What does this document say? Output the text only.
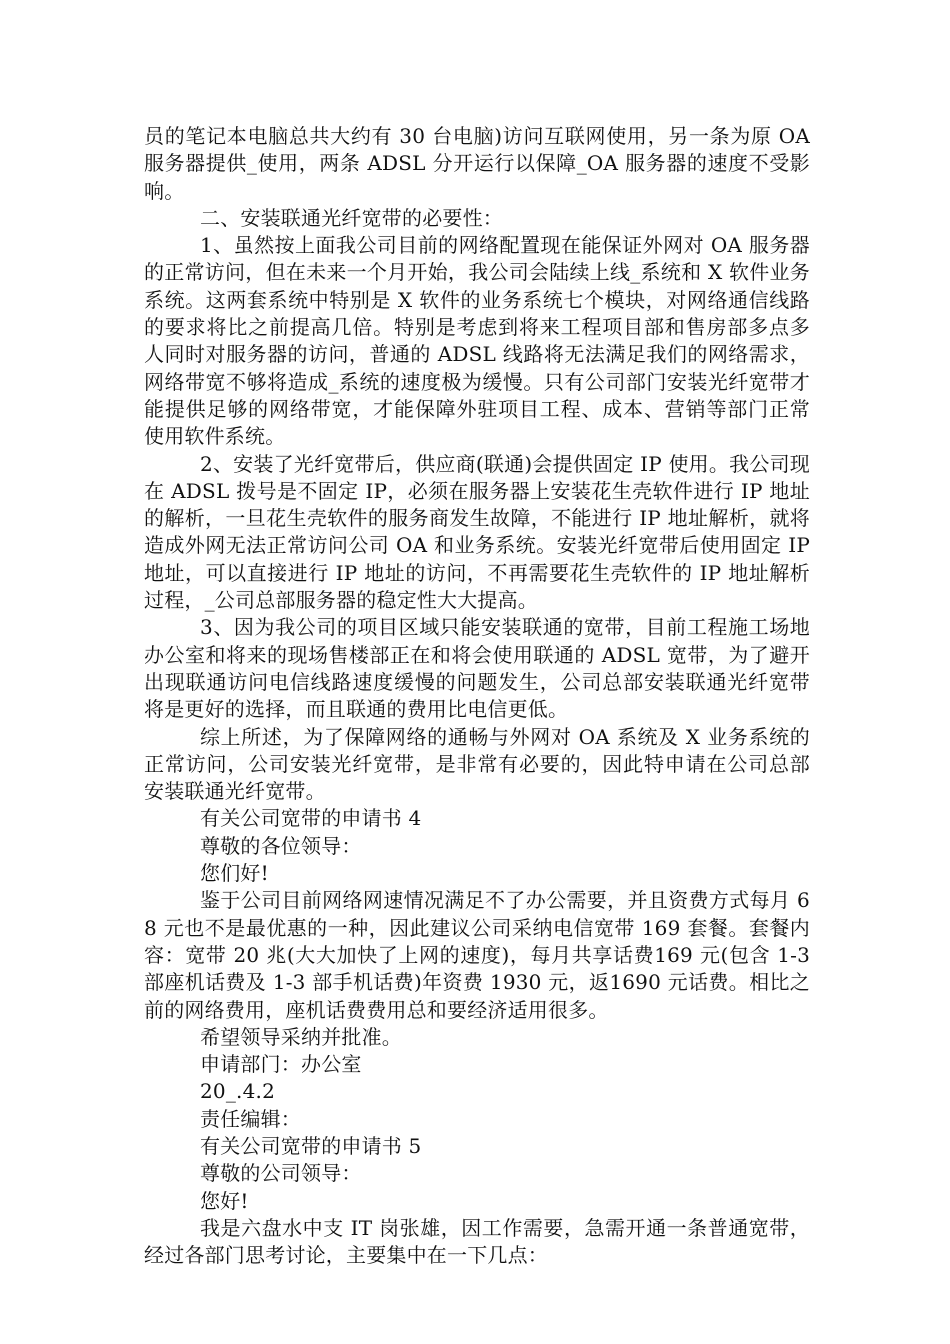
员的笔记本电脑总共大约有 30 台电脑)访问互联网使用，另一条为原 OA 服务器提供_使用，两条 ADSL 分开运行以保障_OA 服务器的速度不受影响。

二、安装联通光纤宽带的必要性：

1、虽然按上面我公司目前的网络配置现在能保证外网对 OA 服务器的正常访问，但在未来一个月开始，我公司会陆续上线_系统和 X 软件业务系统。这两套系统中特别是 X 软件的业务系统七个模块，对网络通信线路的要求将比之前提高几倍。特别是考虑到将来工程项目部和售房部多点多人同时对服务器的访问，普通的 ADSL 线路将无法满足我们的网络需求，网络带宽不够将造成_系统的速度极为缓慢。只有公司部门安装光纤宽带才能提供足够的网络带宽，才能保障外驻项目工程、成本、营销等部门正常使用软件系统。

2、安装了光纤宽带后，供应商(联通)会提供固定 IP 使用。我公司现在 ADSL 拨号是不固定 IP，必须在服务器上安装花生壳软件进行 IP 地址的解析，一旦花生壳软件的服务商发生故障，不能进行 IP 地址解析，就将造成外网无法正常访问公司 OA 和业务系统。安装光纤宽带后使用固定 IP 地址，可以直接进行 IP 地址的访问，不再需要花生壳软件的 IP 地址解析过程，_公司总部服务器的稳定性大大提高。

3、因为我公司的项目区域只能安装联通的宽带，目前工程施工场地办公室和将来的现场售楼部正在和将会使用联通的 ADSL 宽带，为了避开出现联通访问电信线路速度缓慢的问题发生，公司总部安装联通光纤宽带将是更好的选择，而且联通的费用比电信更低。

综上所述，为了保障网络的通畅与外网对 OA 系统及 X 业务系统的正常访问，公司安装光纤宽带，是非常有必要的，因此特申请在公司总部安装联通光纤宽带。

有关公司宽带的申请书 4

尊敬的各位领导：

您们好!

鉴于公司目前网络网速情况满足不了办公需要，并且资费方式每月 68 元也不是最优惠的一种，因此建议公司采纳电信宽带 169 套餐。套餐内容：宽带 20 兆(大大加快了上网的速度)，每月共享话费169 元(包含 1-3 部座机话费及 1-3 部手机话费)年资费 1930 元，返1690 元话费。相比之前的网络费用，座机话费费用总和要经济适用很多。

希望领导采纳并批准。

申请部门：办公室

20_.4.2

责任编辑：

有关公司宽带的申请书 5

尊敬的公司领导：

您好!

我是六盘水中支 IT 岗张雄，因工作需要，急需开通一条普通宽带，经过各部门思考讨论，主要集中在一下几点：
